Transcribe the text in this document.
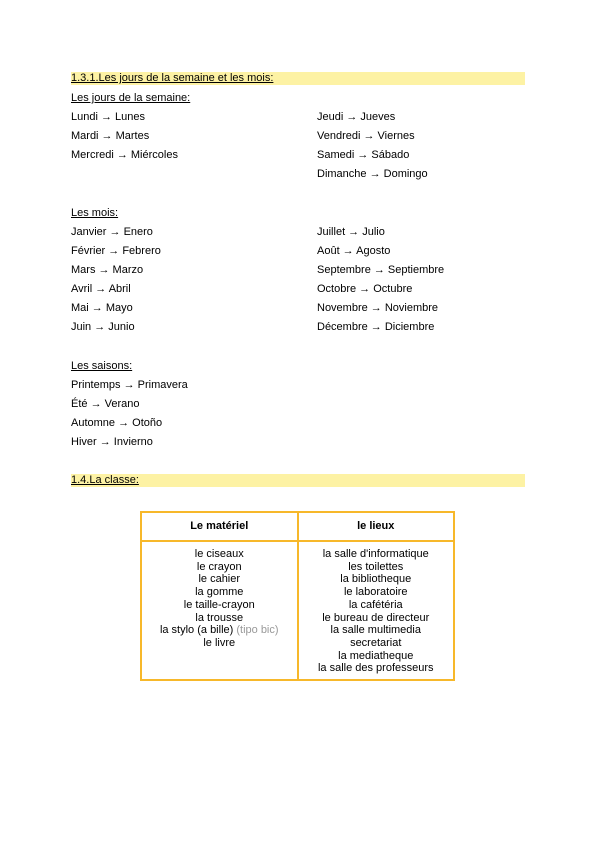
1.3.1.Les jours de la semaine et les mois:
Les jours de la semaine:
Lundi → Lunes
Mardi → Martes
Mercredi → Miércoles
Jeudi → Jueves
Vendredi → Viernes
Samedi → Sábado
Dimanche → Domingo
Les mois:
Janvier → Enero
Février → Febrero
Mars → Marzo
Avril → Abril
Mai → Mayo
Juin → Junio
Juillet → Julio
Août → Agosto
Septembre → Septiembre
Octobre → Octubre
Novembre → Noviembre
Décembre → Diciembre
Les saisons:
Printemps → Primavera
Été → Verano
Automne → Otoño
Hiver → Invierno
1.4.La classe:
Le matériel	le lieux
le ciseaux
le crayon
le cahier
la gomme
le taille-crayon
la trousse
la stylo (a bille) (tipo bic)
le livre
la salle d'informatique
les toilettes
la bibliotheque
le laboratoire
la cafétéria
le bureau de directeur
la salle multimedia
secretariat
la mediatheque
la salle des professeurs
